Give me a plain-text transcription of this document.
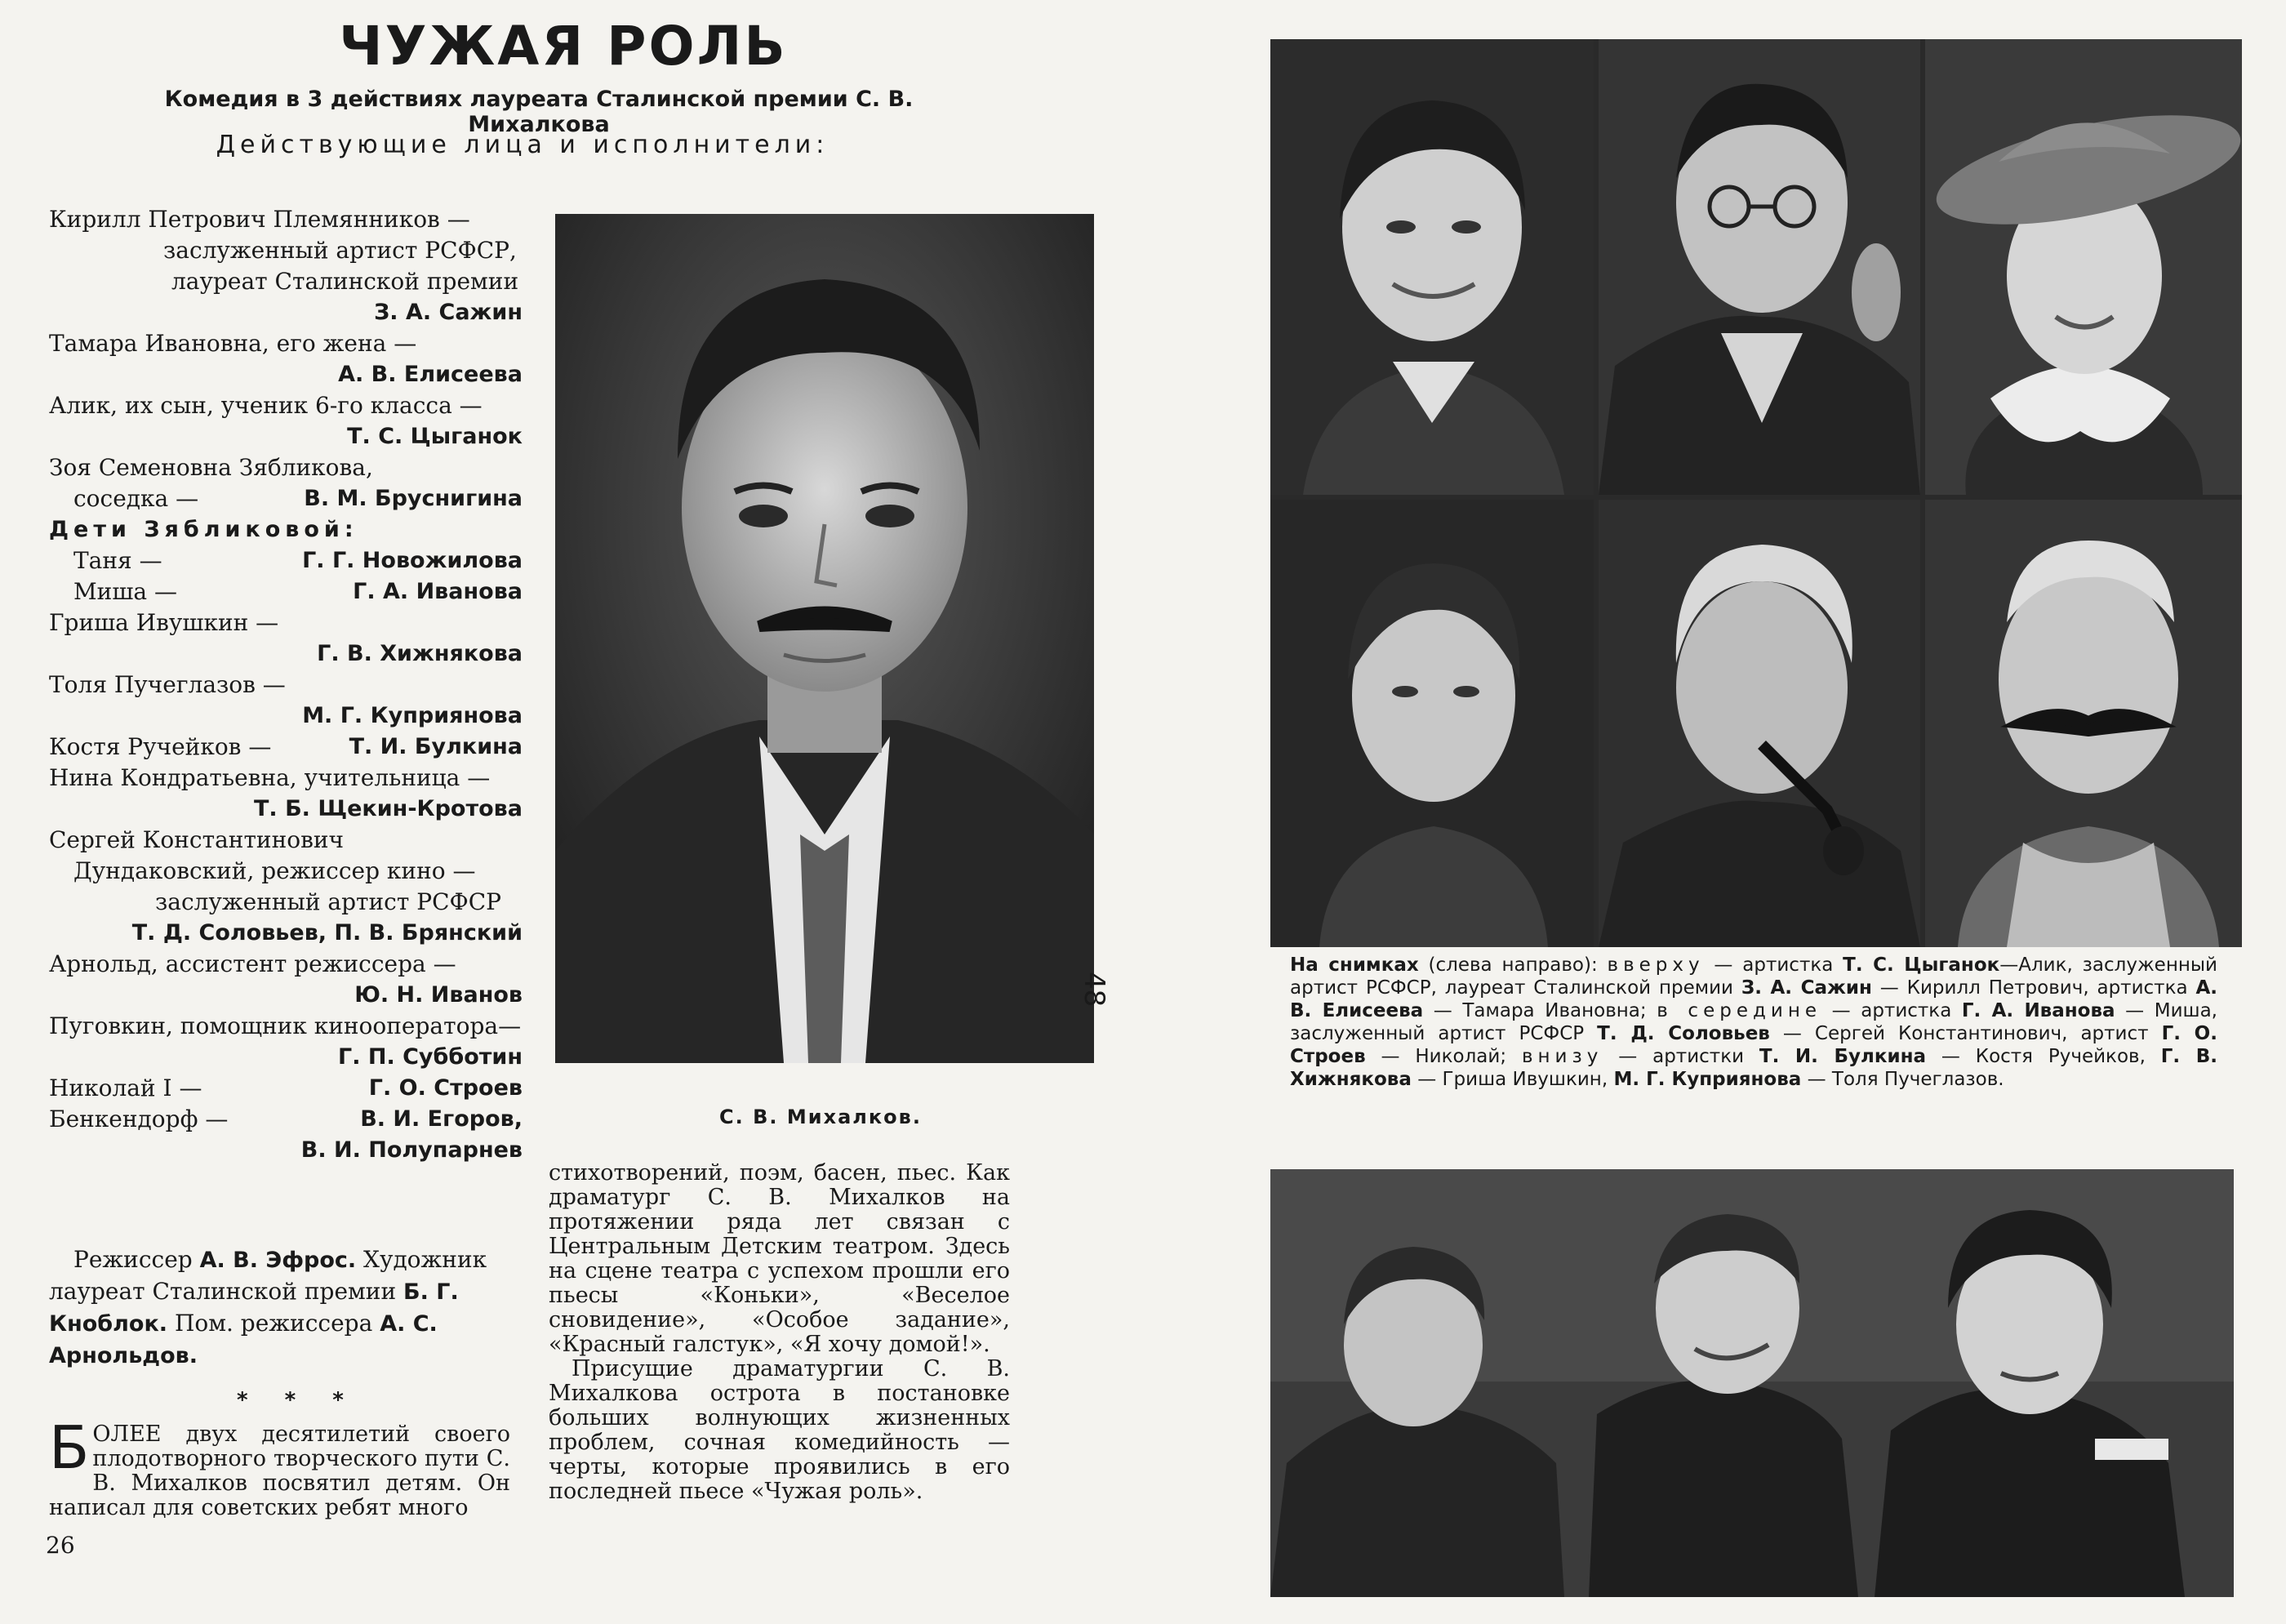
ЧУЖАЯ РОЛЬ
Комедия в 3 действиях лауреата Сталинской премии С. В. Михалкова
Действующие лица и исполнители:
Кирилл Петрович Племянников —
заслуженный артист РСФСР,
лауреат Сталинской премии
З. А. Сажин
Тамара Ивановна, его жена —
А. В. Елисеева
Алик, их сын, ученик 6-го класса —
Т. С. Цыганок
Зоя Семеновна Зябликова,
соседка —	В. М. Бруснигина
Дети Зябликовой:
Таня —	Г. Г. Новожилова
Миша —	Г. А. Иванова
Гриша Ивушкин —
Г. В. Хижнякова
Толя Пучеглазов —
М. Г. Куприянова
Костя Ручейков —	Т. И. Булкина
Нина Кондратьевна, учительница —
Т. Б. Щекин-Кротова
Сергей Константинович
Дундаковский, режиссер кино —
заслуженный артист РСФСР
Т. Д. Соловьев, П. В. Брянский
Арнольд, ассистент режиссера —
Ю. Н. Иванов
Пуговкин, помощник кинооператора—
Г. П. Субботин
Николай I —	Г. О. Строев
Бенкендорф —	В. И. Егоров,
В. И. Полупарнев
Режиссер А. В. Эфрос. Художник лауреат Сталинской премии Б. Г. Кноблок. Пом. режиссера А. С. Арнольдов.
* * *
БОЛЕЕ двух десятилетий своего плодотворного творческого пути С. В. Михалков посвятил детям. Он написал для советских ребят много
26
С. В. Михалков.

стихотворений, поэм, басен, пьес. Как драматург С. В. Михалков на протяжении ряда лет связан с Центральным Детским театром. Здесь на сцене театра с успехом прошли его пьесы «Коньки», «Веселое сновидение», «Особое задание», «Красный галстук», «Я хочу домой!».

Присущие драматургии С. В. Михалкова острота в постановке больших волнующих жизненных проблем, сочная комедийность — черты, которые проявились в его последней пьесе «Чужая роль».

48
На снимках (слева направо): вверху — артистка Т. С. Цыганок—Алик, заслуженный артист РСФСР, лауреат Сталинской премии З. А. Сажин — Кирилл Петрович, артистка А. В. Елисеева — Тамара Ивановна; в середине — артистка Г. А. Иванова — Миша, заслуженный артист РСФСР Т. Д. Соловьев — Сергей Константинович, артист Г. О. Строев — Николай; внизу — артистки Т. И. Булкина — Костя Ручейков, Г. В. Хижнякова — Гриша Ивушкин, М. Г. Куприянова — Толя Пучеглазов.
